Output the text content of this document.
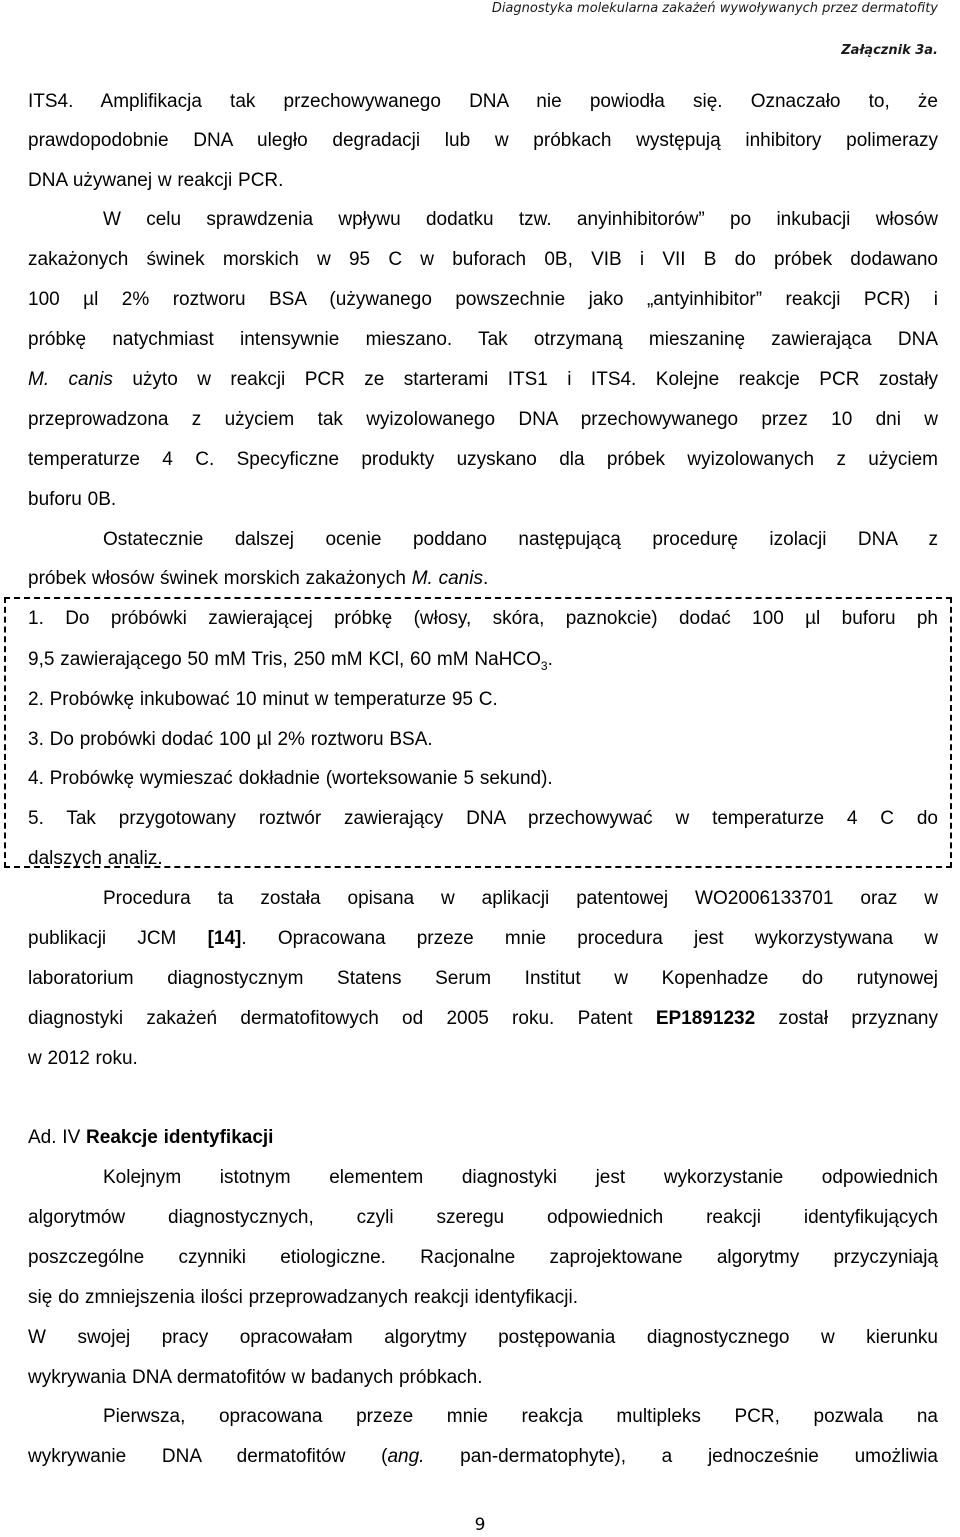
Diagnostyka molekularna zakażeń wywoływanych przez dermatofity
Załącznik 3a.
ITS4. Amplifikacja tak przechowywanego DNA nie powiodła się. Oznaczało to, że
prawdopodobnie DNA uległo degradacji lub w próbkach występują inhibitory polimerazy
DNA używanej w reakcji PCR.
W celu sprawdzenia wpływu dodatku tzw. anyinhibitorów” po inkubacji włosów
zakażonych świnek morskich w 95 C w buforach 0B, VIB i VII B do próbek dodawano
100 µl 2% roztworu BSA (używanego powszechnie jako „antyinhibitor” reakcji PCR) i
próbkę natychmiast intensywnie mieszano. Tak otrzymaną mieszaninę zawierająca DNA
M. canis użyto w reakcji PCR ze starterami ITS1 i ITS4. Kolejne reakcje PCR zostały
przeprowadzona z użyciem tak wyizolowanego DNA przechowywanego przez 10 dni w
temperaturze 4 C. Specyficzne produkty uzyskano dla próbek wyizolowanych z użyciem
buforu 0B.
Ostatecznie dalszej ocenie poddano następującą procedurę izolacji DNA z
próbek włosów świnek morskich zakażonych M. canis.
1. Do próbówki zawierającej próbkę (włosy, skóra, paznokcie) dodać 100 µl buforu ph
9,5 zawierającego 50 mM Tris, 250 mM KCl, 60 mM NaHCO$_3$.
2. Probówkę inkubować 10 minut w temperaturze 95 C.
3. Do probówki dodać 100 µl 2% roztworu BSA.
4. Probówkę wymieszać dokładnie (worteksowanie 5 sekund).
5. Tak przygotowany roztwór zawierający DNA przechowywać w temperaturze 4 C do
dalszych analiz.
Procedura ta została opisana w aplikacji patentowej WO2006133701 oraz w
publikacji JCM [14]. Opracowana przeze mnie procedura jest wykorzystywana w
laboratorium diagnostycznym Statens Serum Institut w Kopenhadze do rutynowej
diagnostyki zakażeń dermatofitowych od 2005 roku. Patent EP1891232 został przyznany
w 2012 roku.
Ad. IV Reakcje identyfikacji
Kolejnym istotnym elementem diagnostyki jest wykorzystanie odpowiednich
algorytmów diagnostycznych, czyli szeregu odpowiednich reakcji identyfikujących
poszczególne czynniki etiologiczne. Racjonalne zaprojektowane algorytmy przyczyniają
się do zmniejszenia ilości przeprowadzanych reakcji identyfikacji.
W swojej pracy opracowałam algorytmy postępowania diagnostycznego w kierunku
wykrywania DNA dermatofitów w badanych próbkach.
Pierwsza, opracowana przeze mnie reakcja multipleks PCR, pozwala na
wykrywanie DNA dermatofitów (ang. pan-dermatophyte), a jednocześnie umożliwia
9
